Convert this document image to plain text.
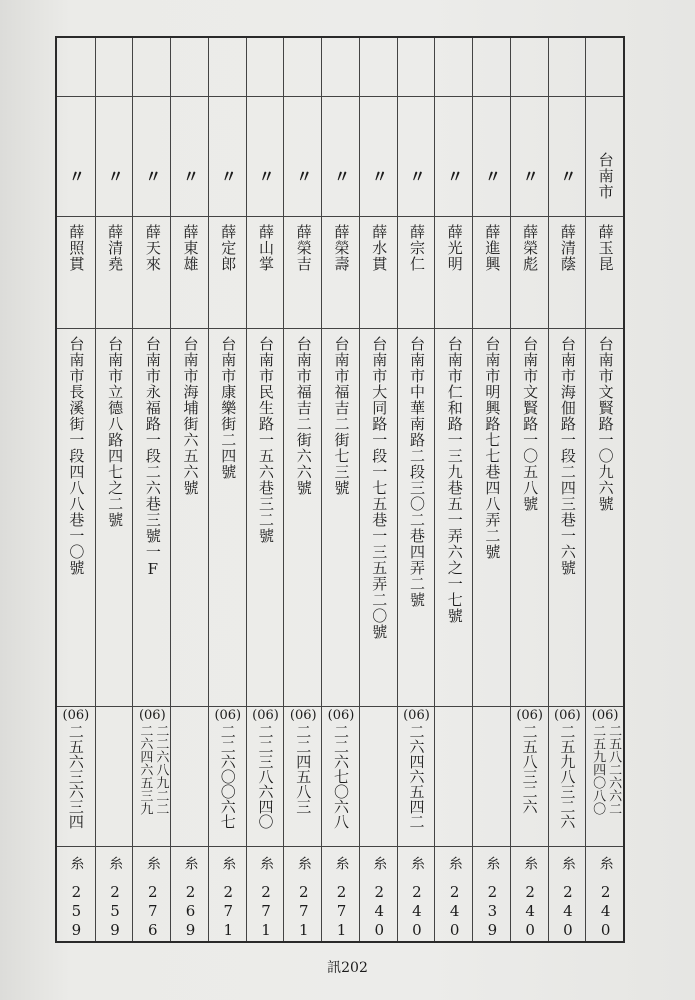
台南市
薛玉昆
台南市文賢路一〇九六號
(06)
二五八二六六二
二五九四〇八〇
糸
240
〃
薛清蔭
台南市海佃路一段二四三巷一六號
(06)
二五九八三二六
糸
240
〃
薛榮彪
台南市文賢路一〇五八號
(06)
二五八三二六
糸
240
〃
薛進興
台南市明興路七七巷四八弄二號
糸
239
〃
薛光明
台南市仁和路一三九巷五一弄六之一七號
糸
240
〃
薛宗仁
台南市中華南路二段三〇二巷四弄二號
(06)
二六四六五四二
糸
240
〃
薛水貫
台南市大同路一段一七五巷一三五弄二〇號
糸
240
〃
薛榮壽
台南市福吉二街七三號
(06)
二二六七〇六八
糸
271
〃
薛榮吉
台南市福吉二街六六號
(06)
二二四五八三
糸
271
〃
薛山掌
台南市民生路一五六巷三二號
(06)
二二三八六四〇
糸
271
〃
薛定郎
台南市康樂街二四號
(06)
二二六〇〇六七
糸
271
〃
薛東雄
台南市海埔街六五六號
糸
269
〃
薛天來
台南市永福路一段二六巷三號一F
(06)
二二六八九二二
二六四六五三九
糸
276
〃
薛清堯
台南市立德八路四七之二號
糸
259
〃
薛照貫
台南市長溪街一段四八八巷一〇號
(06)
二五六三六三四
糸
259
訊202
